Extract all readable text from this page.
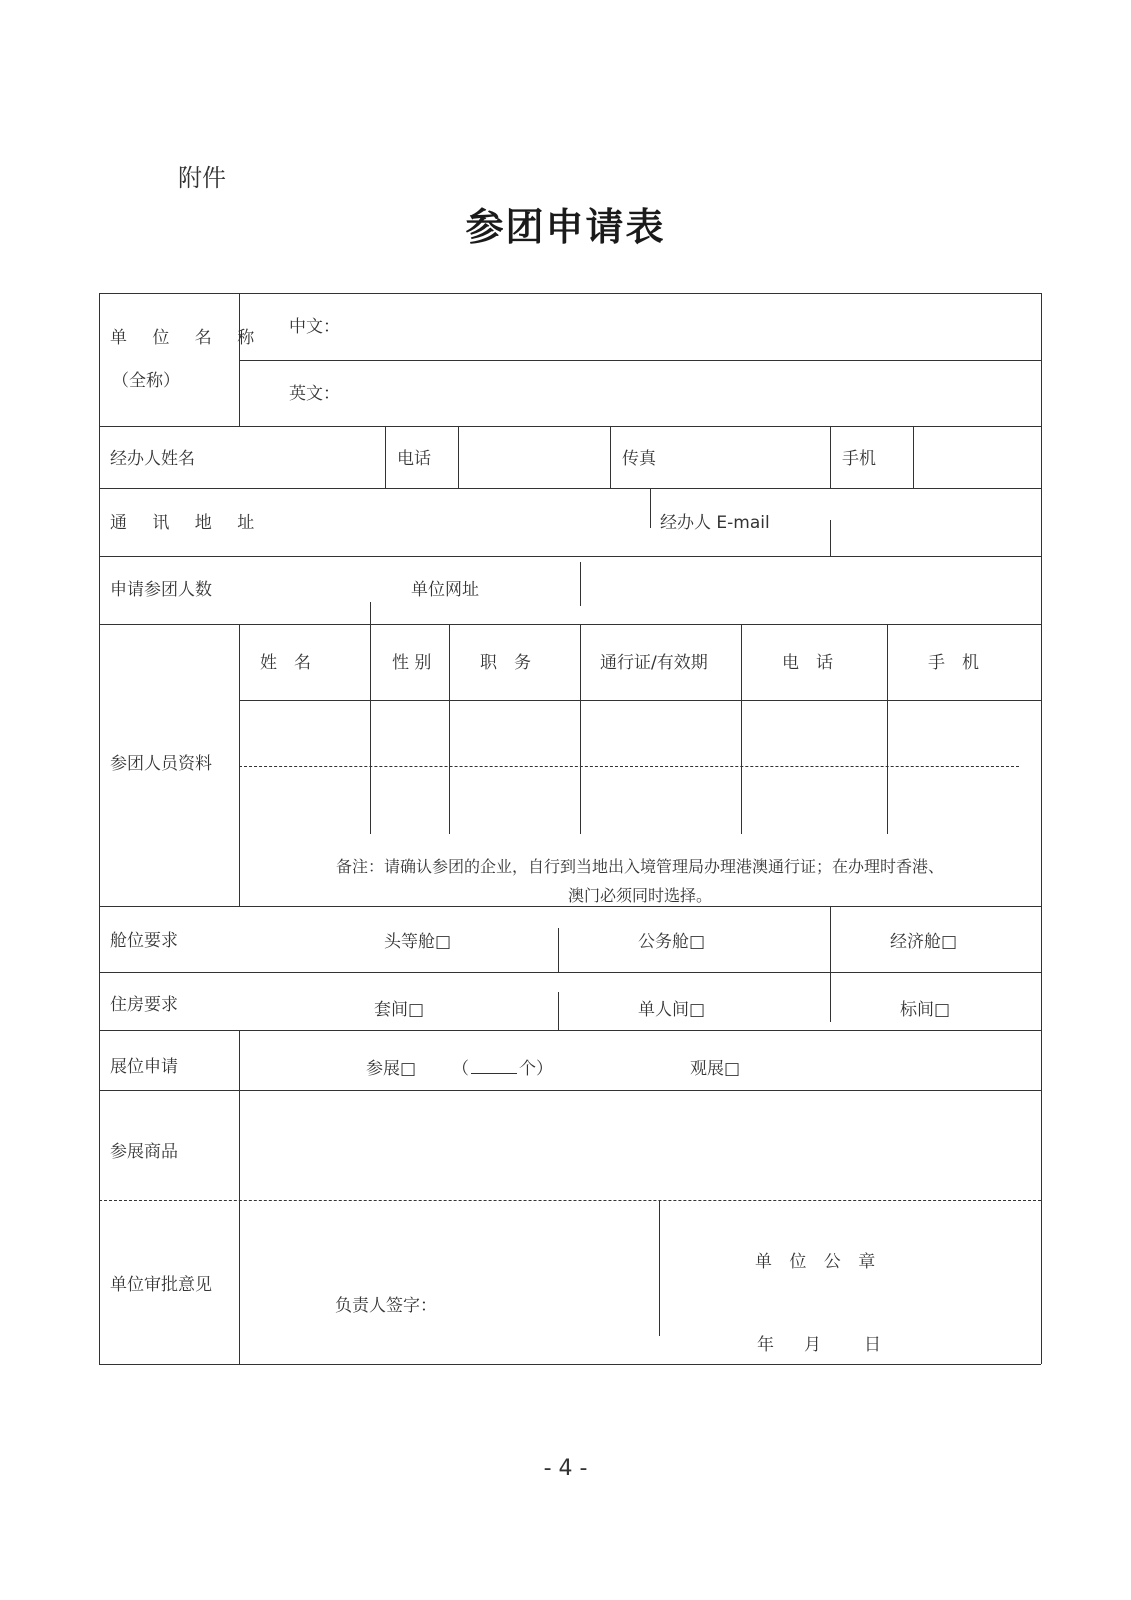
附件
参团申请表
单 位 名 称
（全称）
中文：
英文：
经办人姓名	电话	传真	手机
通 讯 地 址	经办人 E-mail
申请参团人数	单位网址
参团人员资料
姓　名	性 别	职　务	通行证/有效期	电　话	手　机
备注：请确认参团的企业，自行到当地出入境管理局办理港澳通行证；在办理时香港、
澳门必须同时选择。
舱位要求	头等舱□	公务舱□	经济舱□
住房要求	套间□	单人间□	标间□
展位申请	参展□ （	个）	观展□
参展商品
单位审批意见
负责人签字：
单 位 公 章
年 月	日
- 4 -
